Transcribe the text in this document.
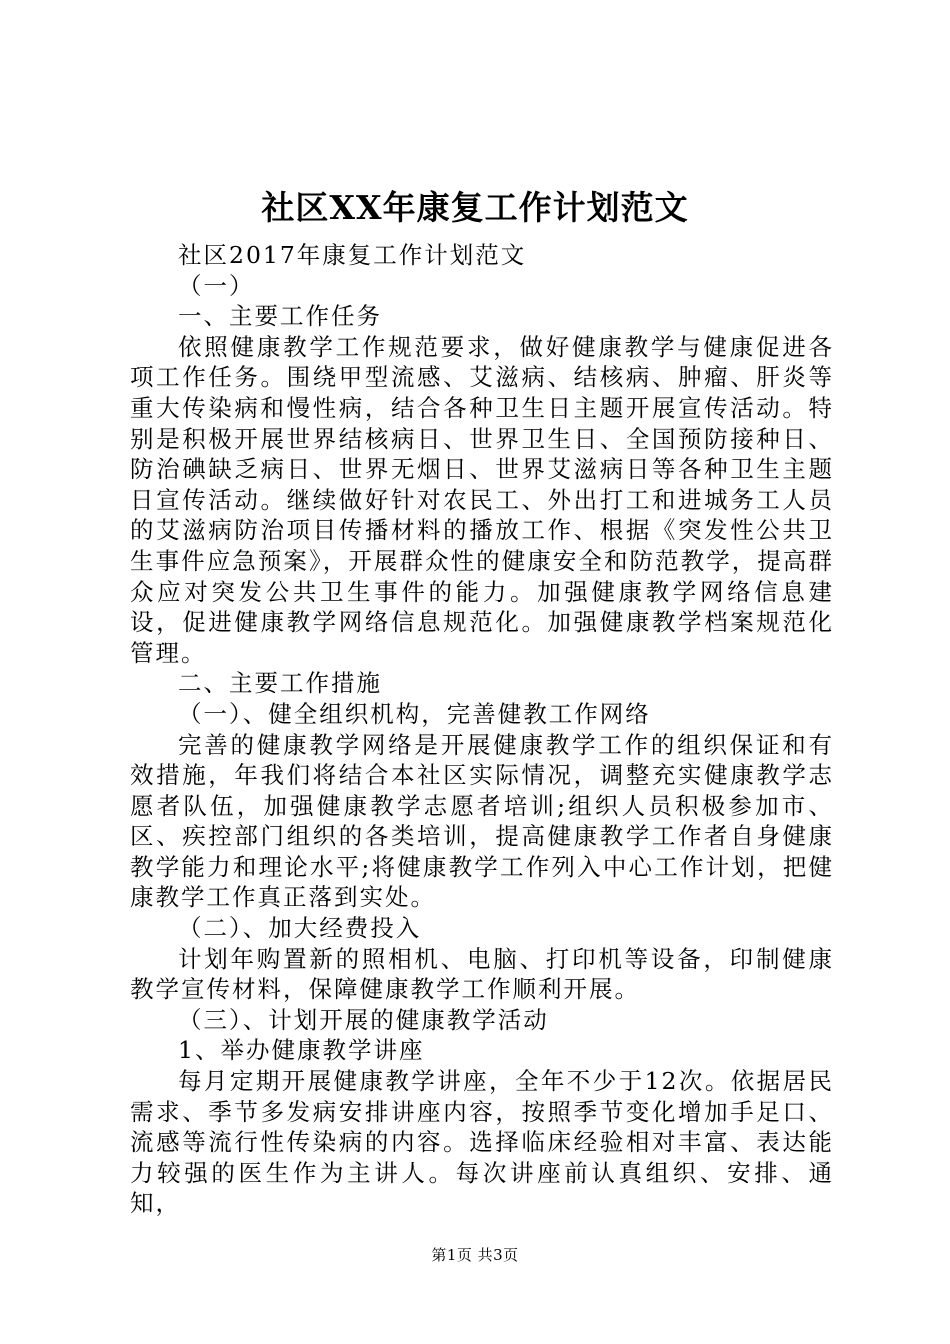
社区XX年康复工作计划范文

社区2017年康复工作计划范文

（一）

一、主要工作任务

依照健康教学工作规范要求，做好健康教学与健康促进各项工作任务。围绕甲型流感、艾滋病、结核病、肿瘤、肝炎等重大传染病和慢性病，结合各种卫生日主题开展宣传活动。特别是积极开展世界结核病日、世界卫生日、全国预防接种日、防治碘缺乏病日、世界无烟日、世界艾滋病日等各种卫生主题日宣传活动。继续做好针对农民工、外出打工和进城务工人员的艾滋病防治项目传播材料的播放工作、根据《突发性公共卫生事件应急预案》，开展群众性的健康安全和防范教学，提高群众应对突发公共卫生事件的能力。加强健康教学网络信息建设，促进健康教学网络信息规范化。加强健康教学档案规范化管理。

二、主要工作措施

（一）、健全组织机构，完善健教工作网络

完善的健康教学网络是开展健康教学工作的组织保证和有效措施，年我们将结合本社区实际情况，调整充实健康教学志愿者队伍，加强健康教学志愿者培训;组织人员积极参加市、区、疾控部门组织的各类培训，提高健康教学工作者自身健康教学能力和理论水平;将健康教学工作列入中心工作计划，把健康教学工作真正落到实处。

（二）、加大经费投入

计划年购置新的照相机、电脑、打印机等设备，印制健康教学宣传材料，保障健康教学工作顺利开展。

（三）、计划开展的健康教学活动

1、举办健康教学讲座

每月定期开展健康教学讲座，全年不少于12次。依据居民需求、季节多发病安排讲座内容，按照季节变化增加手足口、流感等流行性传染病的内容。选择临床经验相对丰富、表达能力较强的医生作为主讲人。每次讲座前认真组织、安排、通知，

第1页 共3页
